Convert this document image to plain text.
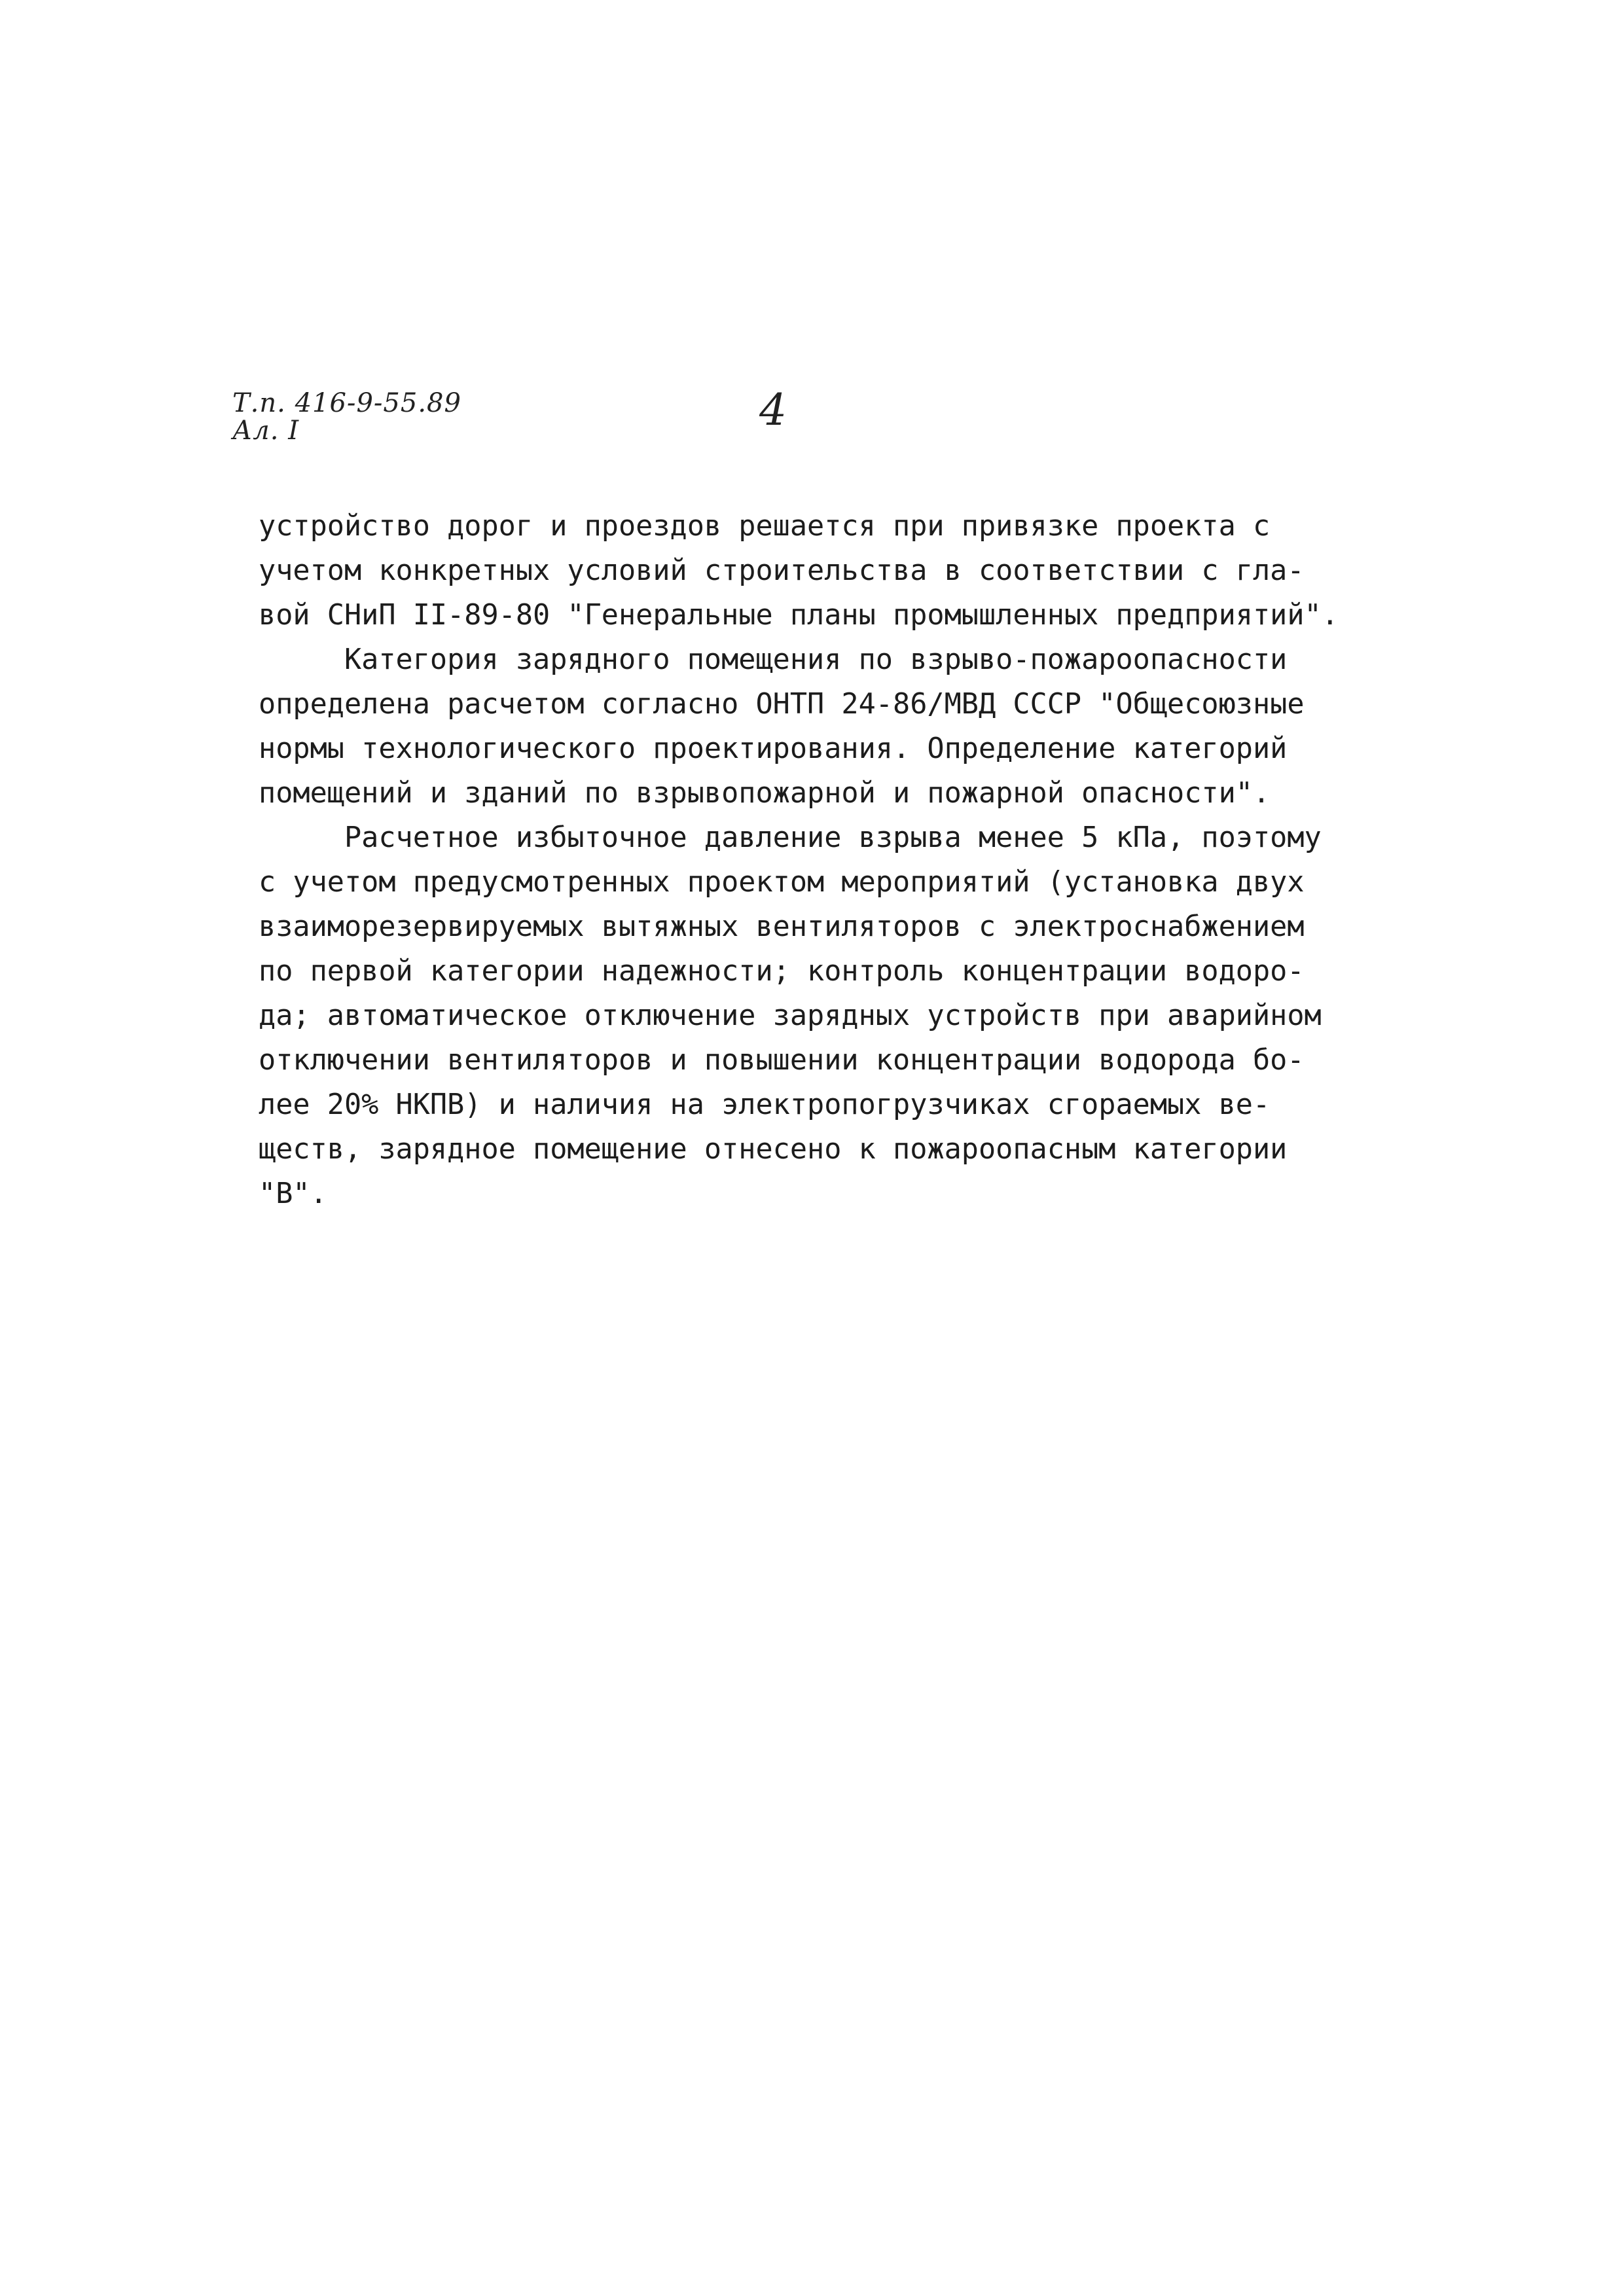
Т.п. 416-9-55.89
Ал. I	4
устройство дорог и проездов решается при привязке проекта с
учетом конкретных условий строительства в соответствии с гла-
вой СНиП II-89-80 "Генеральные планы промышленных предприятий".
Категория зарядного помещения по взрыво-пожароопасности
определена расчетом согласно ОНТП 24-86/МВД СССР "Общесоюзные
нормы технологического проектирования. Определение категорий
помещений и зданий по взрывопожарной и пожарной опасности".
Расчетное избыточное давление взрыва менее 5 кПа, поэтому
с учетом предусмотренных проектом мероприятий (установка двух
взаиморезервируемых вытяжных вентиляторов с электроснабжением
по первой категории надежности; контроль концентрации водоро-
да; автоматическое отключение зарядных устройств при аварийном
отключении вентиляторов и повышении концентрации водорода бо-
лее 20% НКПВ) и наличия на электропогрузчиках сгораемых ве-
ществ, зарядное помещение отнесено к пожароопасным категории
"В".
